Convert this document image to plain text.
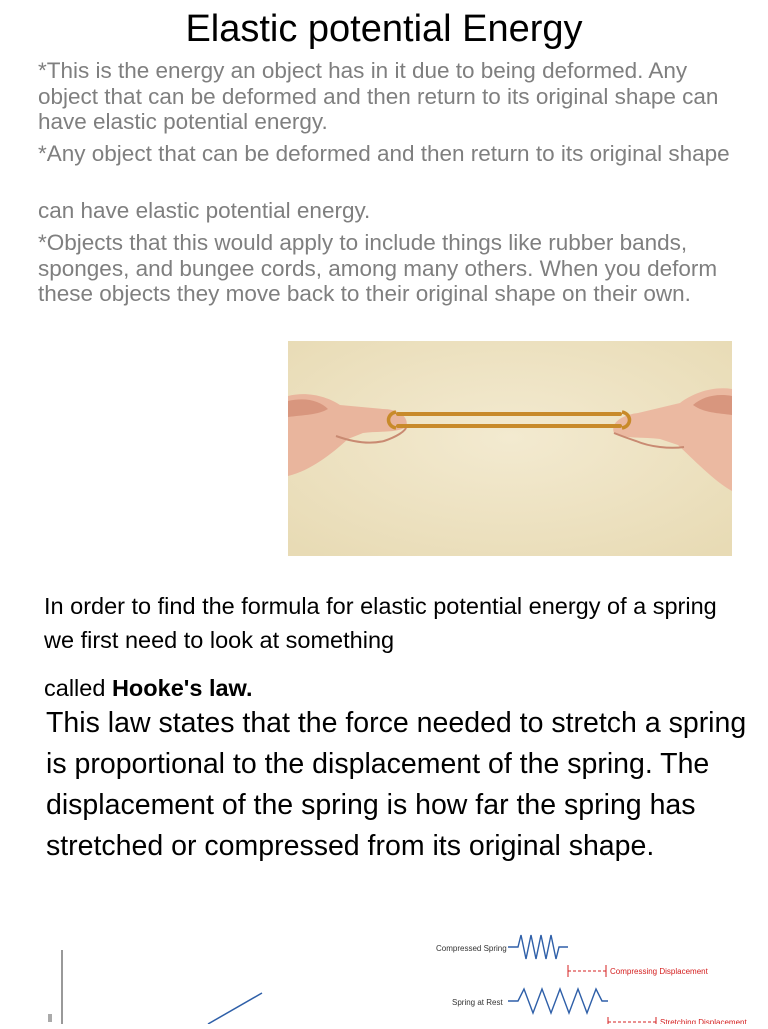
Elastic potential Energy

*This is the energy an object has in it due to being deformed. Any object that can be deformed and then return to its original shape can have elastic potential energy.

*Any object that can be deformed and then return to its original shape

can have elastic potential energy.

*Objects that this would apply to include things like rubber bands, sponges, and bungee cords, among many others. When you deform these objects they move back to their original shape on their own.

In order to find the formula for elastic potential energy of a spring we first need to look at something
called Hooke's law.
This law states that the force needed to stretch a spring is proportional to the displacement of the spring. The displacement of the spring is how far the spring has stretched or compressed from its original shape.
Compressed Spring
Compressing Displacement
Spring at Rest
Stretching Displacement
